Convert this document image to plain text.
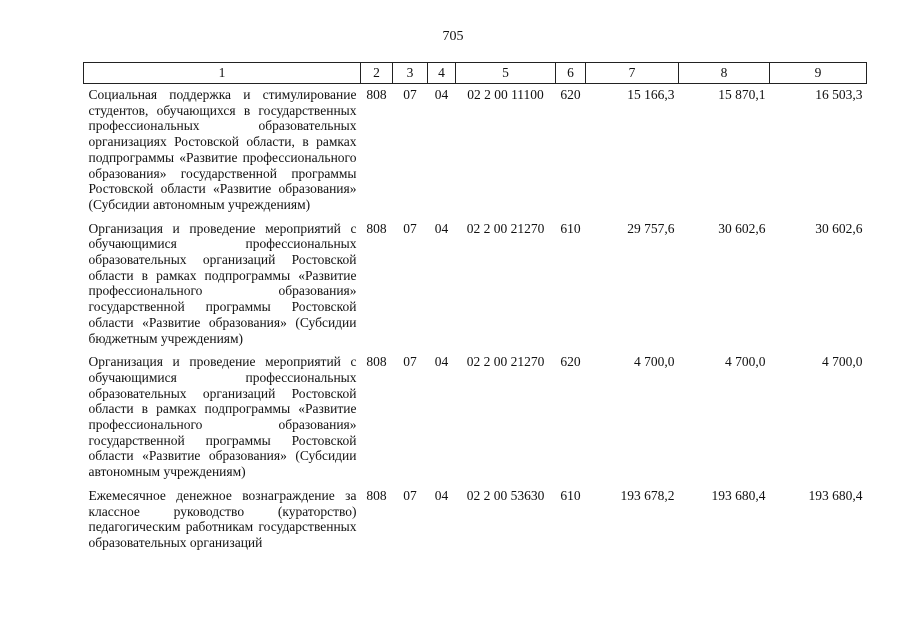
705
1	2	3	4	5	6	7	8	9
Социальная поддержка и стимулирование студентов, обучающихся в государственных профессиональных образовательных организациях Ростовской области, в рамках подпрограммы «Развитие профессионального образования» государственной программы Ростовской области «Развитие образования» (Субсидии автономным учреждениям)	808	07	04	02 2 00 11100	620	15 166,3	15 870,1	16 503,3
Организация и проведение мероприятий с обучающимися профессиональных образовательных организаций Ростовской области в рамках подпрограммы «Развитие профессионального образования» государственной программы Ростовской области «Развитие образования» (Субсидии бюджетным учреждениям)	808	07	04	02 2 00 21270	610	29 757,6	30 602,6	30 602,6
Организация и проведение мероприятий с обучающимися профессиональных образовательных организаций Ростовской области в рамках подпрограммы «Развитие профессионального образования» государственной программы Ростовской области «Развитие образования» (Субсидии автономным учреждениям)	808	07	04	02 2 00 21270	620	4 700,0	4 700,0	4 700,0
Ежемесячное денежное вознаграждение за классное руководство (кураторство) педагогическим работникам государственных образовательных организаций	808	07	04	02 2 00 53630	610	193 678,2	193 680,4	193 680,4
